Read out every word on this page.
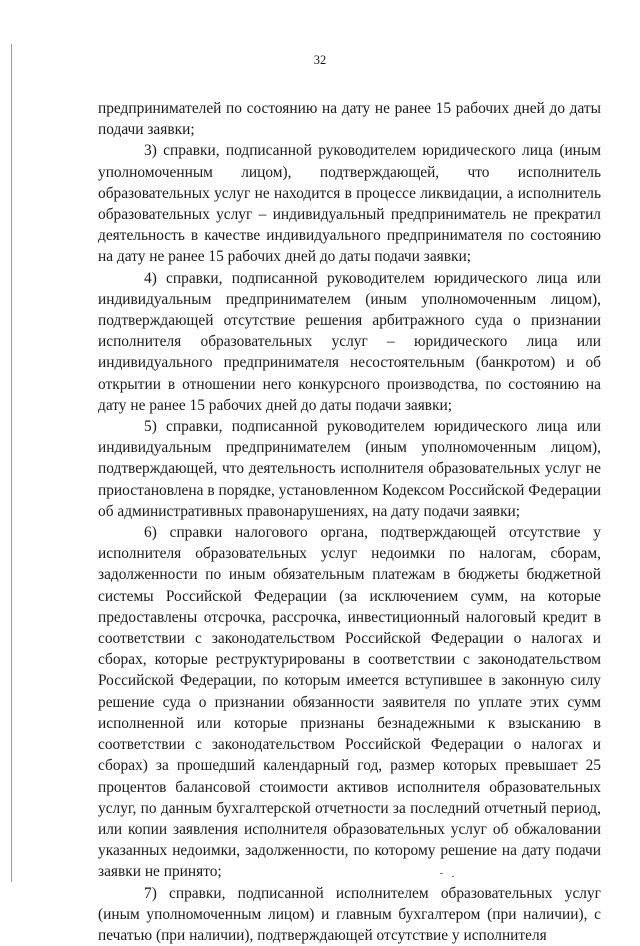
32

предпринимателей по состоянию на дату не ранее 15 рабочих дней до даты подачи заявки;

3) справки, подписанной руководителем юридического лица (иным уполномоченным лицом), подтверждающей, что исполнитель образовательных услуг не находится в процессе ликвидации, а исполнитель образовательных услуг – индивидуальный предприниматель не прекратил деятельность в качестве индивидуального предпринимателя по состоянию на дату не ранее 15 рабочих дней до даты подачи заявки;

4) справки, подписанной руководителем юридического лица или индивидуальным предпринимателем (иным уполномоченным лицом), подтверждающей отсутствие решения арбитражного суда о признании исполнителя образовательных услуг – юридического лица или индивидуального предпринимателя несостоятельным (банкротом) и об открытии в отношении него конкурсного производства, по состоянию на дату не ранее 15 рабочих дней до даты подачи заявки;

5) справки, подписанной руководителем юридического лица или индивидуальным предпринимателем (иным уполномоченным лицом), подтверждающей, что деятельность исполнителя образовательных услуг не приостановлена в порядке, установленном Кодексом Российской Федерации об административных правонарушениях, на дату подачи заявки;

6) справки налогового органа, подтверждающей отсутствие у исполнителя образовательных услуг недоимки по налогам, сборам, задолженности по иным обязательным платежам в бюджеты бюджетной системы Российской Федерации (за исключением сумм, на которые предоставлены отсрочка, рассрочка, инвестиционный налоговый кредит в соответствии с законодательством Российской Федерации о налогах и сборах, которые реструктурированы в соответствии с законодательством Российской Федерации, по которым имеется вступившее в законную силу решение суда о признании обязанности заявителя по уплате этих сумм исполненной или которые признаны безнадежными к взысканию в соответствии с законодательством Российской Федерации о налогах и сборах) за прошедший календарный год, размер которых превышает 25 процентов балансовой стоимости активов исполнителя образовательных услуг, по данным бухгалтерской отчетности за последний отчетный период, или копии заявления исполнителя образовательных услуг об обжаловании указанных недоимки, задолженности, по которому решение на дату подачи заявки не принято;

7) справки, подписанной исполнителем образовательных услуг (иным уполномоченным лицом) и главным бухгалтером (при наличии), с печатью (при наличии), подтверждающей отсутствие у исполнителя
